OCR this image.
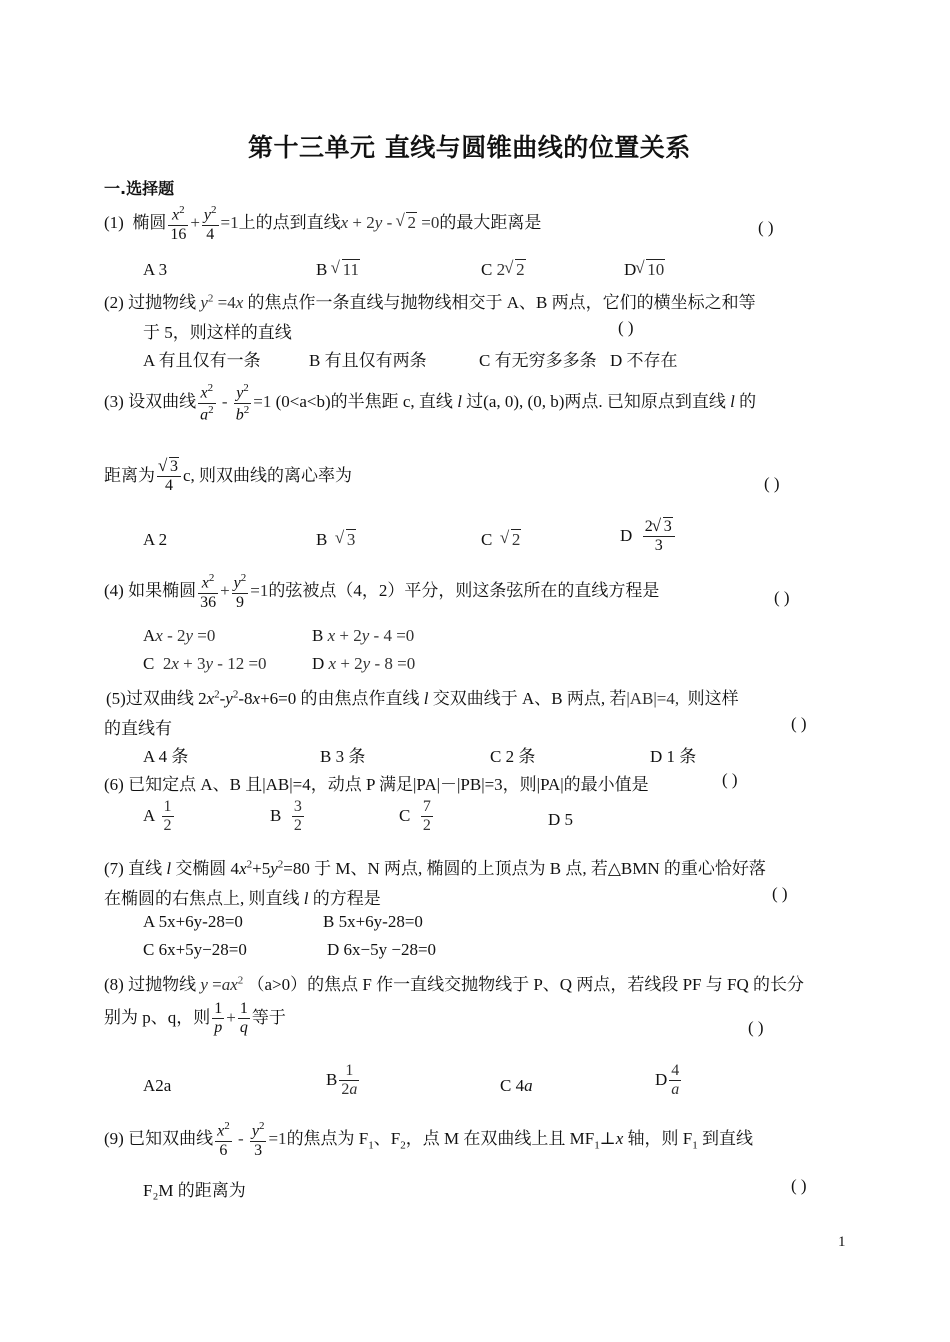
第十三单元 直线与圆锥曲线的位置关系
一.选择题
(1) 椭圆 $\frac{x^2}{16} + \frac{y^2}{4} =1$上的点到直线x + 2y - √ 2 =0的最大距离是	( )
A 3	B √ 11	C 2 √ 2	D √ 10
(2) 过抛物线 $y^2 =4x$ 的焦点作一条直线与抛物线相交于 A、B 两点，它们的横坐标之和等
于 5，则这样的直线	( )
A 有且仅有一条	B 有且仅有两条	C 有无穷多多条 D 不存在
(3) 设双曲线 $\frac{x^2}{a^2} - \frac{y^2}{b^2} =1$ (0<a<b)的半焦距 c, 直线 l 过(a, 0), (0, b)两点. 已知原点到直线 l 的
距离为 √ $\frac{3}{4} c$, 则双曲线的离心率为	( )
A 2	B √ 3	C √ 2	D $\frac{2 √ 3}{3}$
(4) 如果椭圆 $\frac{x^2}{36} + \frac{y^2}{9} =1$的弦被点（4，2）平分，则这条弦所在的直线方程是	( )
Ax - 2y =0	B x + 2y - 4 =0
C 2x + 3y - 12 =0	D x + 2y - 8 =0
(5)过双曲线 $2x^2-y^2-8x+6=0$ 的由焦点作直线 l 交双曲线于 A、B 两点, 若|AB|=4, 则这样
的直线有	( )
A 4 条	B 3 条	C 2 条	D 1 条
(6) 已知定点 A、B 且|AB|=4，动点 P 满足|PA|－|PB|=3，则|PA|的最小值是	( )
A $\frac{1}{2}$	B $\frac{3}{2}$	C $\frac{7}{2}$	D 5
(7) 直线 l 交椭圆 $4x^2+5y^2=80$ 于 M、N 两点, 椭圆的上顶点为 B 点, 若△BMN 的重心恰好落
在椭圆的右焦点上, 则直线 l 的方程是	( )
A 5x+6y-28=0	B 5x+6y-28=0
C 6x+5y−28=0	D 6x−5y −28=0
(8) 过抛物线 $y =ax^2$ （a>0）的焦点 F 作一直线交抛物线于 P、Q 两点，若线段 PF 与 FQ 的长分
别为 p、q，则 $\frac{1}{p} + \frac{1}{q}$ 等于
( )
A2a	B $\frac{1}{2a}$	C 4a	D $\frac{4}{a}$
(9) 已知双曲线 $\frac{x^2}{6} - \frac{y^2}{3} =1$的焦点为 $F_1$、$F_2$，点 M 在双曲线上且 $MF_1\perp x$ 轴，则 $F_1$ 到直线
F₂M 的距离为	( )
1
